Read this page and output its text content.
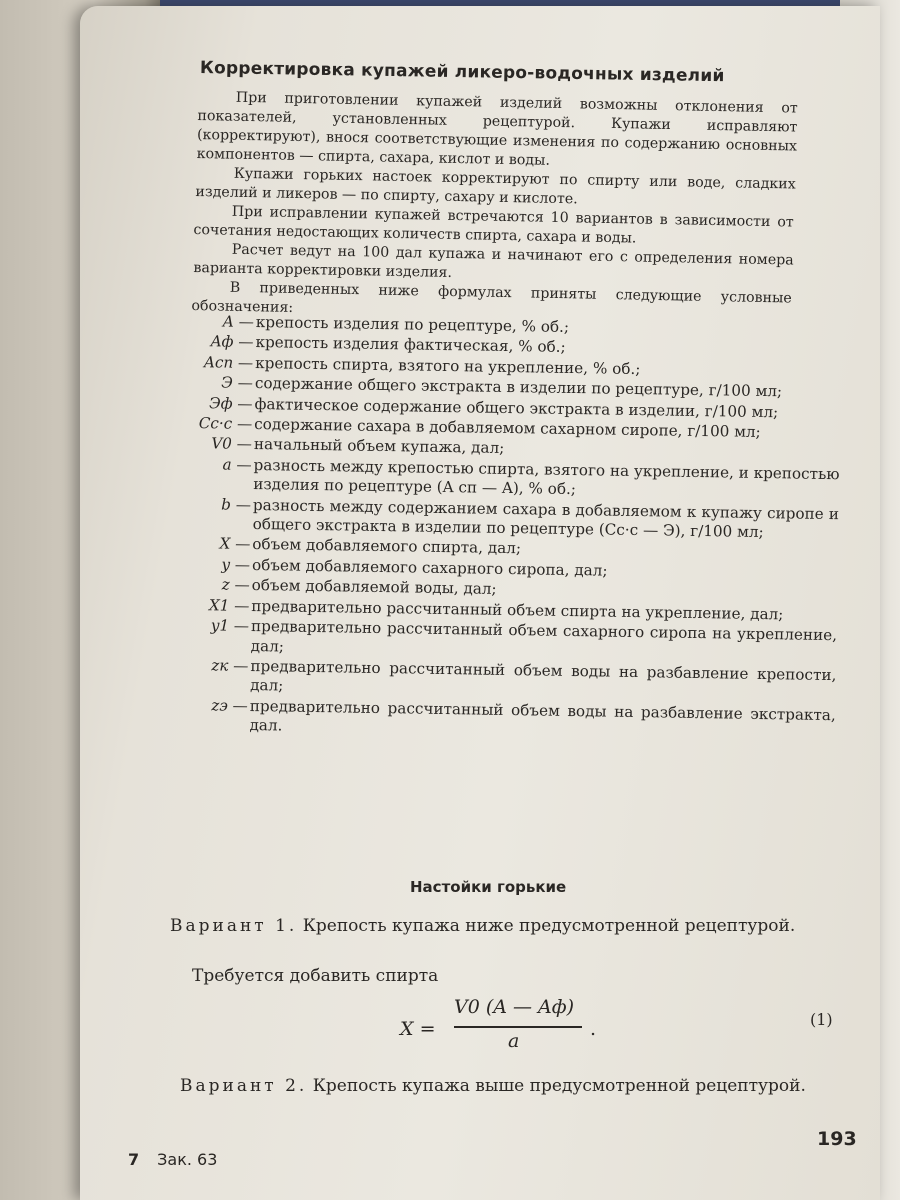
Корректировка купажей ликеро-водочных изделий

При приготовлении купажей изделий возможны отклонения от показателей, установленных рецептурой. Купажи исправляют (корректируют), внося соответствующие изменения по содержанию основных компонентов — спирта, сахара, кислот и воды.

Купажи горьких настоек корректируют по спирту или воде, сладких изделий и ликеров — по спирту, сахару и кислоте.

При исправлении купажей встречаются 10 вариантов в зависимости от сочетания недостающих количеств спирта, сахара и воды.

Расчет ведут на 100 дал купажа и начинают его с определения номера варианта корректировки изделия.

В приведенных ниже формулах приняты следующие условные обозначения:

A — крепость изделия по рецептуре, % об.;
Aф — крепость изделия фактическая, % об.;
Aсп — крепость спирта, взятого на укрепление, % об.;
Э — содержание общего экстракта в изделии по рецептуре, г/100 мл;
Эф — фактическое содержание общего экстракта в изделии, г/100 мл;
Cс·с — содержание сахара в добавляемом сахарном сиропе, г/100 мл;
V0 — начальный объем купажа, дал;
a — разность между крепостью спирта, взятого на укрепление, и крепостью изделия по рецептуре (A сп — A), % об.;
b — разность между содержанием сахара в добавляемом к купажу сиропе и общего экстракта в изделии по рецептуре (Cс·с — Э), г/100 мл;
X — объем добавляемого спирта, дал;
y — объем добавляемого сахарного сиропа, дал;
z — объем добавляемой воды, дал;
X1 — предварительно рассчитанный объем спирта на укрепление, дал;
y1 — предварительно рассчитанный объем сахарного сиропа на укрепление, дал;
zк — предварительно рассчитанный объем воды на разбавление крепости, дал;
zэ — предварительно рассчитанный объем воды на разбавление экстракта, дал.
Настойки горькие

Вариант 1. Крепость купажа ниже предусмотренной рецептурой.

Требуется добавить спирта

X =
V0 (A — Aф)
a
.	(1)

Вариант 2. Крепость купажа выше предусмотренной рецептурой.

7 Зак. 63
193
